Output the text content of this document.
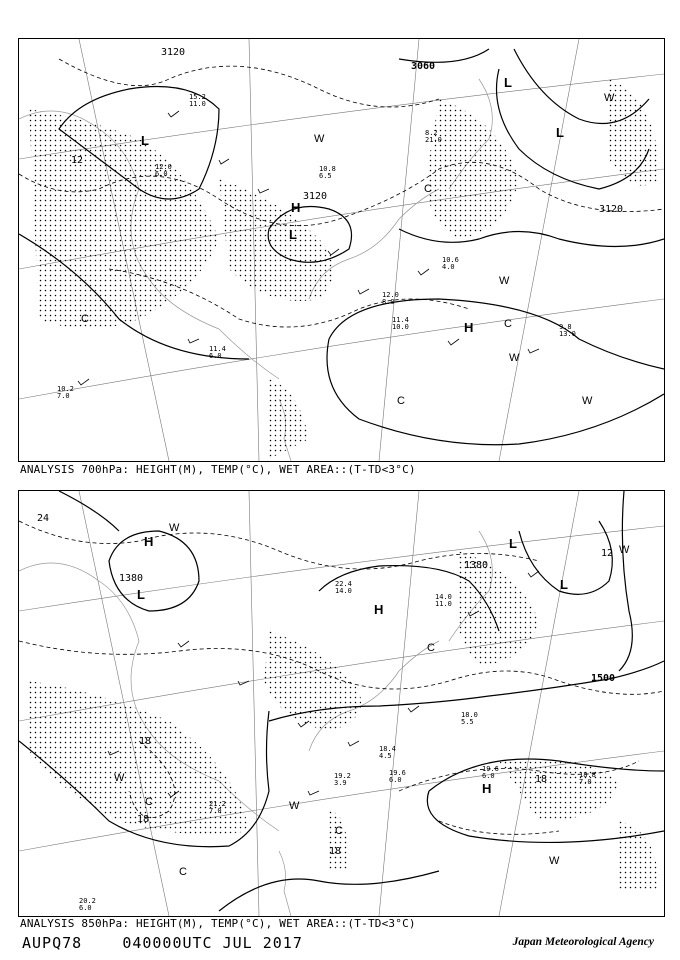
3120
3060
3120
3120
12
L
L
L
H
L
H
C
C
C
C
W
W
W
W
W
15.2
11.0
10.8
6.5
12.0
8.0
11.4
10.0	9.8
13.0
10.6
4.0
11.4
6.0
10.2
7.0
8.2
21.0
12.0
6.0
ANALYSIS 700hPa: HEIGHT(M), TEMP(°C), WET AREA::(T-TD<3°C)
1380
1380
1500
18
24
12
18
18
18
L
L
L
H
H
H
C
C
C
C
W
W
W
W
W
22.4
14.0
18.0
5.5
19.6
6.0	18.8
7.0
19.2
3.9
21.2
7.0
20.2
6.0
19.6
6.0
18.4
4.5
14.0
11.0
ANALYSIS 850hPa: HEIGHT(M), TEMP(°C), WET AREA::(T-TD<3°C)
AUPQ78	040000UTC JUL 2017	Japan Meteorological Agency
